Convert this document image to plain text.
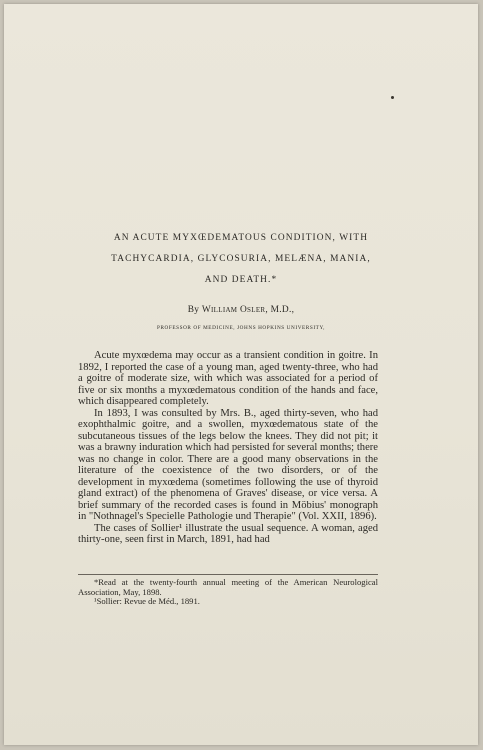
AN ACUTE MYXŒDEMATOUS CONDITION, WITH
TACHYCARDIA, GLYCOSURIA, MELÆNA, MANIA,
AND DEATH.*

By William Osler, M.D.,

PROFESSOR OF MEDICINE, JOHNS HOPKINS UNIVERSITY,

Acute myxœdema may occur as a transient condition in goitre. In 1892, I reported the case of a young man, aged twenty-three, who had a goitre of moderate size, with which was associated for a period of five or six months a myxœdematous condition of the hands and face, which disappeared completely.

In 1893, I was consulted by Mrs. B., aged thirty-seven, who had exophthalmic goitre, and a swollen, myxœdematous state of the subcutaneous tissues of the legs below the knees. They did not pit; it was a brawny induration which had persisted for several months; there was no change in color. There are a good many observations in the literature of the coexistence of the two disorders, or of the development in myxœdema (sometimes following the use of thyroid gland extract) of the phenomena of Graves' disease, or vice versa. A brief summary of the recorded cases is found in Möbius' monograph in "Nothnagel's Specielle Pathologie und Therapie" (Vol. XXII, 1896).

The cases of Sollier¹ illustrate the usual sequence. A woman, aged thirty-one, seen first in March, 1891, had had

*Read at the twenty-fourth annual meeting of the American Neurological Association, May, 1898.

¹Sollier: Revue de Méd., 1891.
